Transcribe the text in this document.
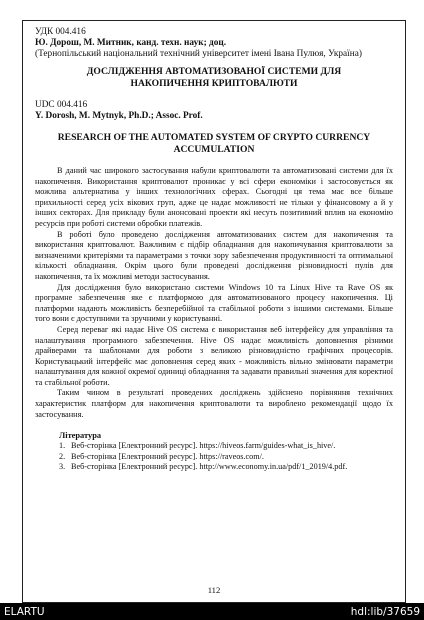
УДК 004.416

Ю. Дорош, М. Митник, канд. техн. наук; доц.

(Тернопільський національний технічний університет імені Івана Пулюя, Україна)

ДОСЛІДЖЕННЯ АВТОМАТИЗОВАНОЇ СИСТЕМИ ДЛЯ

НАКОПИЧЕННЯ КРИПТОВАЛЮТИ

UDC 004.416

Y. Dorosh, M. Mytnyk, Ph.D.; Assoc. Prof.

RESEARCH OF THE AUTOMATED SYSTEM OF CRYPTO CURRENCY

ACCUMULATION

В даний час широкого застосування набули криптовалюти та автоматизовані системи для їх накопичення. Використання криптовалют проникає у всі сфери економіки і застосовується як можлива альтернатива у інших технологічних сферах. Сьогодні ця тема має все більше прихильності серед усіх вікових груп, адже це надає можливості не тільки у фінансовому а й у інших секторах. Для прикладу були анонсовані проекти які несуть позитивний вплив на економію ресурсів при роботі системи обробки платежів.

В роботі було проведено дослідження автоматизованих систем для накопичення та використання криптовалют. Важливим є підбір обладнання для накопичування криптовалюти за визначеними критеріями та параметрами з точки зору забезпечення продуктивності та оптимальної кількості обладнання. Окрім цього були проведені дослідження різновидності пулів для накопичення, та їх можливі методи застосування.

Для дослідження було використано системи Windows 10 та Linux Hive та Rave OS як програмне забезпечення яке є платформою для автоматизованого процесу накопичення. Ці платформи надають можливість безперебійної та стабільної роботи з іншими системами. Більше того вони є доступними та зручними у користуванні.

Серед переваг які надає Hive OS система є використання веб інтерфейсу для управління та налаштування програмного забезпечення. Hive OS надає можливість доповнення різними драйверами та шаблонами для роботи з великою різновидністю графічних процесорів. Користувацький інтерфейс має доповнення серед яких - можливість вільно змінювати параметри налаштування для кожної окремої одиниці обладнання та задавати правильні значення для коректної та стабільної роботи.

Таким чином в результаті проведених досліджень здійснено порівняння технічних характеристик платформ для накопичення криптовалюти та вироблено рекомендації щодо їх застосування.

Література

1. Веб-сторінка [Електронний ресурс]. https://hiveos.farm/guides-what_is_hive/.

2. Веб-сторінка [Електронний ресурс]. https://raveos.com/.

3. Веб-сторінка [Електронний ресурс]. http://www.economy.in.ua/pdf/1_2019/4.pdf.

112
ELARTU	hdl:lib/37659
